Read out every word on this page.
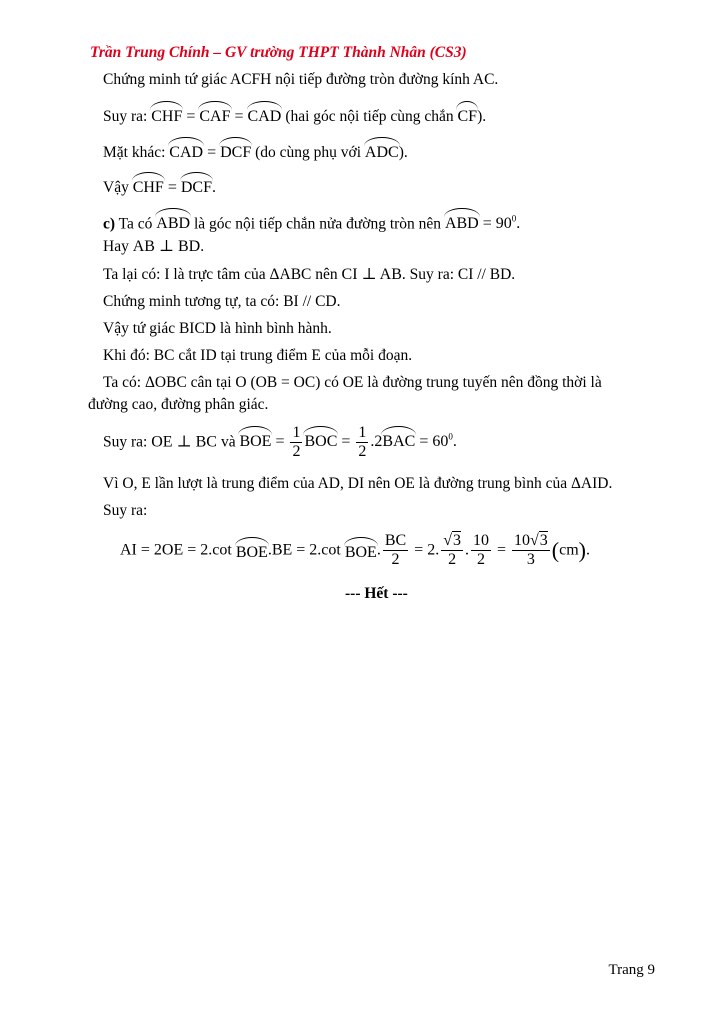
Trần Trung Chính – GV trường THPT Thành Nhân (CS3)
Chứng minh tứ giác ACFH nội tiếp đường tròn đường kính AC.
Suy ra: CHF = CAF = CAD (hai góc nội tiếp cùng chắn CF).
Mặt khác: CAD = DCF (do cùng phụ với ADC).
Vậy CHF = DCF.
c) Ta có ABD là góc nội tiếp chắn nửa đường tròn nên ABD = $90^0$.
Hay AB ⊥ BD.
Ta lại có: I là trực tâm của ΔABC nên CI ⊥ AB. Suy ra: CI // BD.
Chứng minh tương tự, ta có: BI // CD.
Vậy tứ giác BICD là hình bình hành.
Khi đó: BC cắt ID tại trung điểm E của mỗi đoạn.
Ta có: ΔOBC cân tại O (OB = OC) có OE là đường trung tuyến nên đồng thời là
đường cao, đường phân giác.
Suy ra: OE ⊥ BC và BOE = $\frac{1}{2}$ BOC = $\frac{1}{2} .2BAC = 60^0$.
Vì O, E lần lượt là trung điểm của AD, DI nên OE là đường trung bình của ΔAID.
Suy ra:
AI = 2OE = 2.cot BOE.BE = 2.cot BOE. $\frac{BC}{2} = 2$. $\frac{√3}{2}$ . $\frac{10}{2} = \frac{10√3}{3} (cm)$.
--- Hết ---
Trang 9
